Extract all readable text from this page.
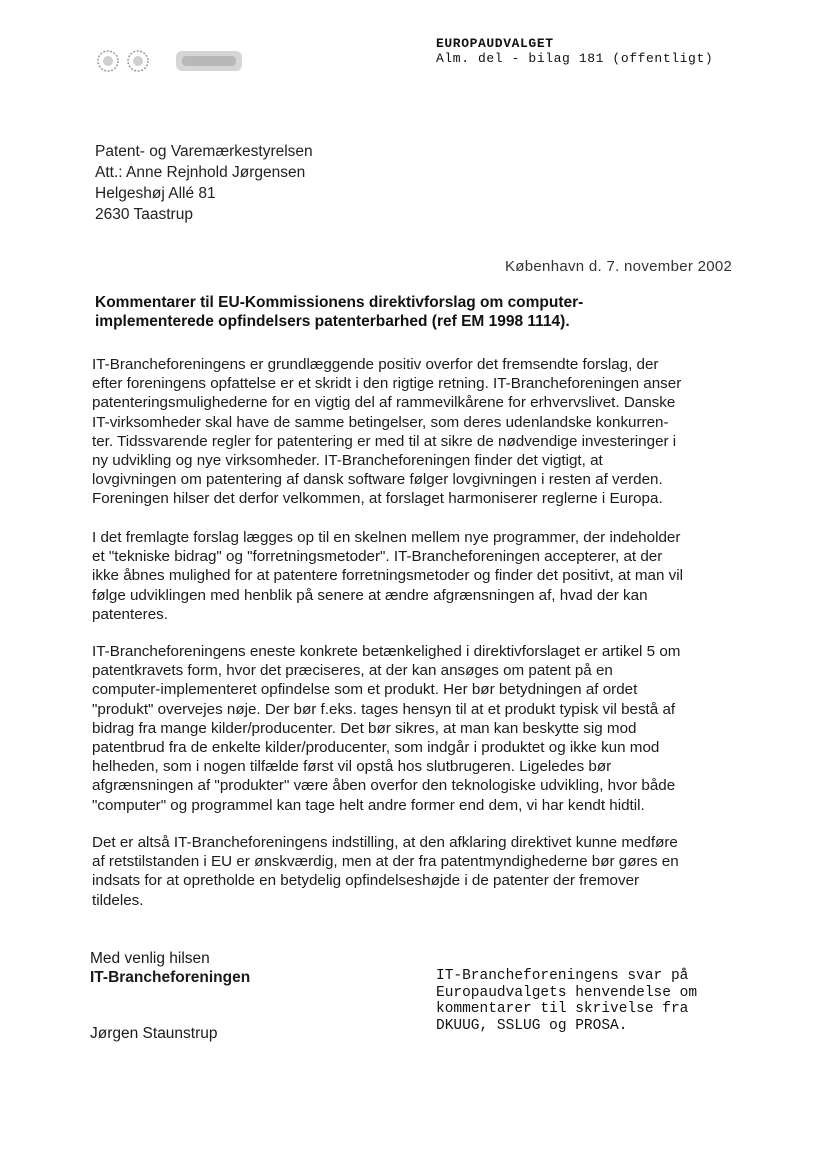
EUROPAUDVALGET
Alm. del - bilag 181 (offentligt)
Patent- og Varemærkestyrelsen
Att.: Anne Rejnhold Jørgensen
Helgeshøj Allé 81
2630 Taastrup
København d. 7. november 2002
Kommentarer til EU-Kommissionens direktivforslag om computer-
implementerede opfindelsers patenterbarhed (ref EM 1998 1114).
IT-Brancheforeningens er grundlæggende positiv overfor det fremsendte forslag, der
efter foreningens opfattelse er et skridt i den rigtige retning. IT-Brancheforeningen anser
patenteringsmulighederne for en vigtig del af rammevilkårene for erhvervslivet. Danske
IT-virksomheder skal have de samme betingelser, som deres udenlandske konkurren-
ter. Tidssvarende regler for patentering er med til at sikre de nødvendige investeringer i
ny udvikling og nye virksomheder. IT-Brancheforeningen finder det vigtigt, at
lovgivningen om patentering af dansk software følger lovgivningen i resten af verden.
Foreningen hilser det derfor velkommen, at forslaget harmoniserer reglerne i Europa.
I det fremlagte forslag lægges op til en skelnen mellem nye programmer, der indeholder
et "tekniske bidrag" og "forretningsmetoder". IT-Brancheforeningen accepterer, at der
ikke åbnes mulighed for at patentere forretningsmetoder og finder det positivt, at man vil
følge udviklingen med henblik på senere at ændre afgrænsningen af, hvad der kan
patenteres.
IT-Brancheforeningens eneste konkrete betænkelighed i direktivforslaget er artikel 5 om
patentkravets form, hvor det præciseres, at der kan ansøges om patent på en
computer-implementeret opfindelse som et produkt. Her bør betydningen af ordet
"produkt" overvejes nøje. Der bør f.eks. tages hensyn til at et produkt typisk vil bestå af
bidrag fra mange kilder/producenter. Det bør sikres, at man kan beskytte sig mod
patentbrud fra de enkelte kilder/producenter, som indgår i produktet og ikke kun mod
helheden, som i nogen tilfælde først vil opstå hos slutbrugeren. Ligeledes bør
afgrænsningen af "produkter" være åben overfor den teknologiske udvikling, hvor både
"computer" og programmel kan tage helt andre former end dem, vi har kendt hidtil.
Det er altså IT-Brancheforeningens indstilling, at den afklaring direktivet kunne medføre
af retstilstanden i EU er ønskværdig, men at der fra patentmyndighederne bør gøres en
indsats for at opretholde en betydelig opfindelseshøjde i de patenter der fremover
tildeles.
Med venlig hilsen
IT-Brancheforeningen
Jørgen Staunstrup
IT-Brancheforeningens svar på
Europaudvalgets henvendelse om
kommentarer til skrivelse fra
DKUUG, SSLUG og PROSA.
